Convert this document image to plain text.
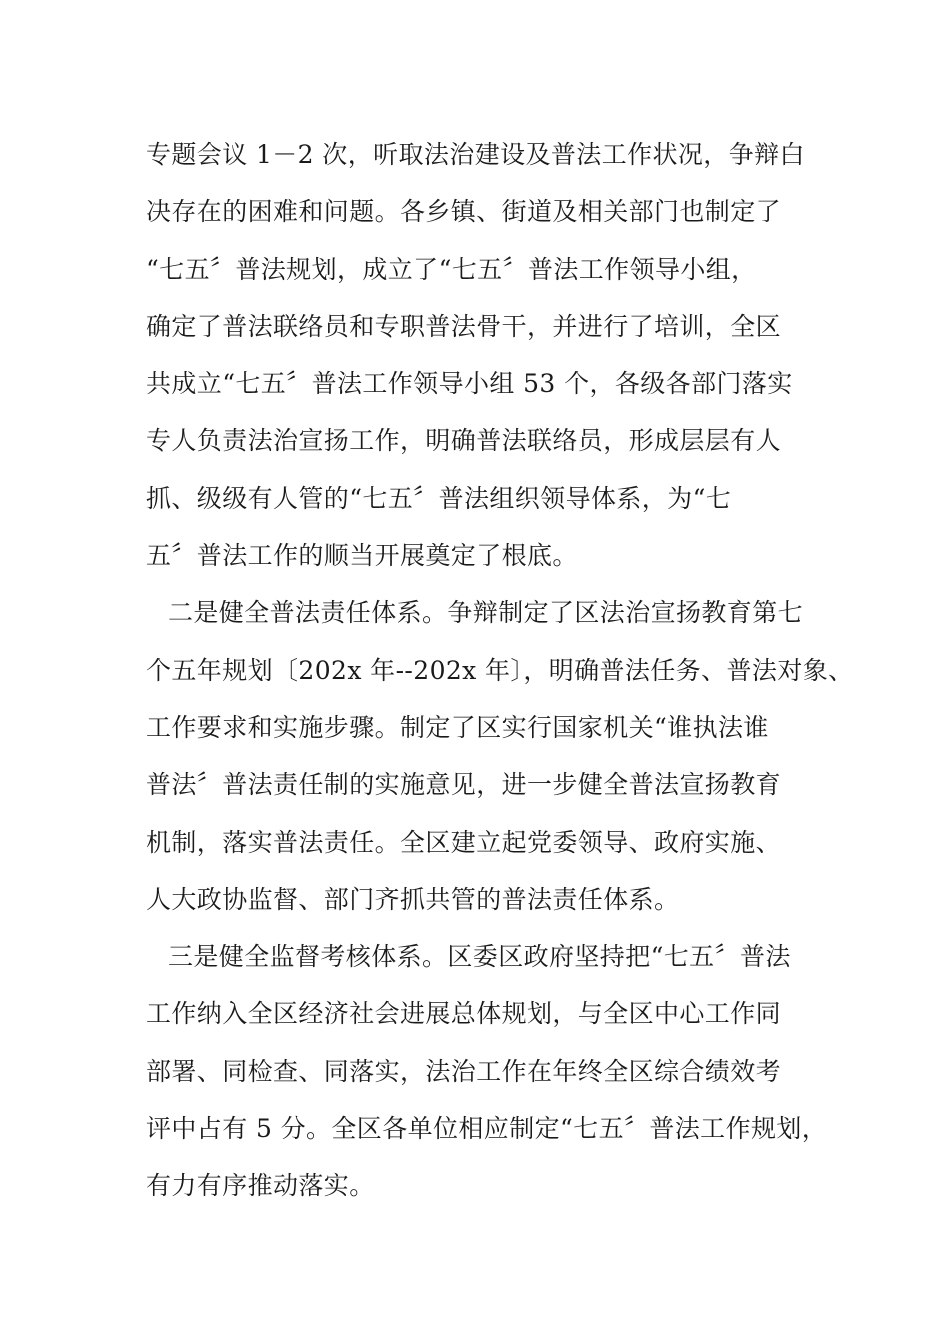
专题会议 1－2 次，听取法治建设及普法工作状况，争辩白
决存在的困难和问题。各乡镇、街道及相关部门也制定了
“七五〞普法规划，成立了“七五〞普法工作领导小组，
确定了普法联络员和专职普法骨干，并进行了培训，全区
共成立“七五〞普法工作领导小组 53 个，各级各部门落实
专人负责法治宣扬工作，明确普法联络员，形成层层有人
抓、级级有人管的“七五〞普法组织领导体系，为“七
五〞普法工作的顺当开展奠定了根底。
二是健全普法责任体系。争辩制定了区法治宣扬教育第七
个五年规划〔202x 年--202x 年〕，明确普法任务、普法对象、
工作要求和实施步骤。制定了区实行国家机关“谁执法谁
普法〞普法责任制的实施意见，进一步健全普法宣扬教育
机制，落实普法责任。全区建立起党委领导、政府实施、
人大政协监督、部门齐抓共管的普法责任体系。
三是健全监督考核体系。区委区政府坚持把“七五〞普法
工作纳入全区经济社会进展总体规划，与全区中心工作同
部署、同检查、同落实，法治工作在年终全区综合绩效考
评中占有 5 分。全区各单位相应制定“七五〞普法工作规划，
有力有序推动落实。
